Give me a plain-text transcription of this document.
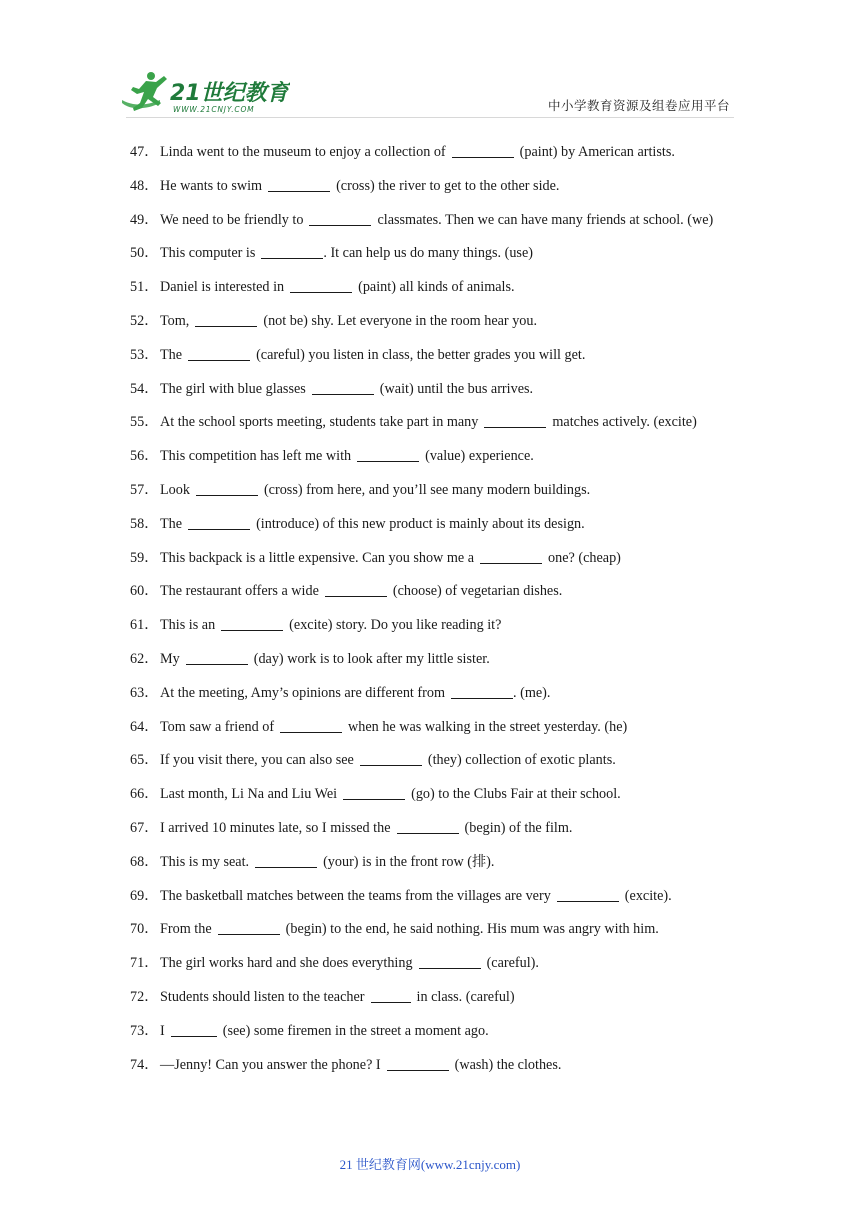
21世纪教育
WWW.21CNJY.COM	中小学教育资源及组卷应用平台
47． Linda went to the museum to enjoy a collection of	(paint) by American artists.
48． He wants to swim	(cross) the river to get to the other side.
49． We need to be friendly to	classmates. Then we can have many friends at school. (we)
50． This computer is	. It can help us do many things. (use)
51． Daniel is interested in	(paint) all kinds of animals.
52． Tom,	(not be) shy. Let everyone in the room hear you.
53． The	(careful) you listen in class, the better grades you will get.
54． The girl with blue glasses	(wait) until the bus arrives.
55． At the school sports meeting, students take part in many	matches actively. (excite)
56． This competition has left me with	(value) experience.
57． Look	(cross) from here, and you’ll see many modern buildings.
58． The	(introduce) of this new product is mainly about its design.
59． This backpack is a little expensive. Can you show me a	one? (cheap)
60． The restaurant offers a wide	(choose) of vegetarian dishes.
61． This is an	(excite) story. Do you like reading it?
62． My	(day) work is to look after my little sister.
63． At the meeting, Amy’s opinions are different from	. (me).
64． Tom saw a friend of	when he was walking in the street yesterday. (he)
65． If you visit there, you can also see	(they) collection of exotic plants.
66． Last month, Li Na and Liu Wei	(go) to the Clubs Fair at their school.
67． I arrived 10 minutes late, so I missed the	(begin) of the film.
68． This is my seat.	(your) is in the front row (排).
69． The basketball matches between the teams from the villages are very	(excite).
70． From the	(begin) to the end, he said nothing. His mum was angry with him.
71． The girl works hard and she does everything	(careful).
72． Students should listen to the teacher	in class. (careful)
73． I	(see) some firemen in the street a moment ago.
74． —Jenny! Can you answer the phone? I	(wash) the clothes.
21 世纪教育网(www.21cnjy.com)
